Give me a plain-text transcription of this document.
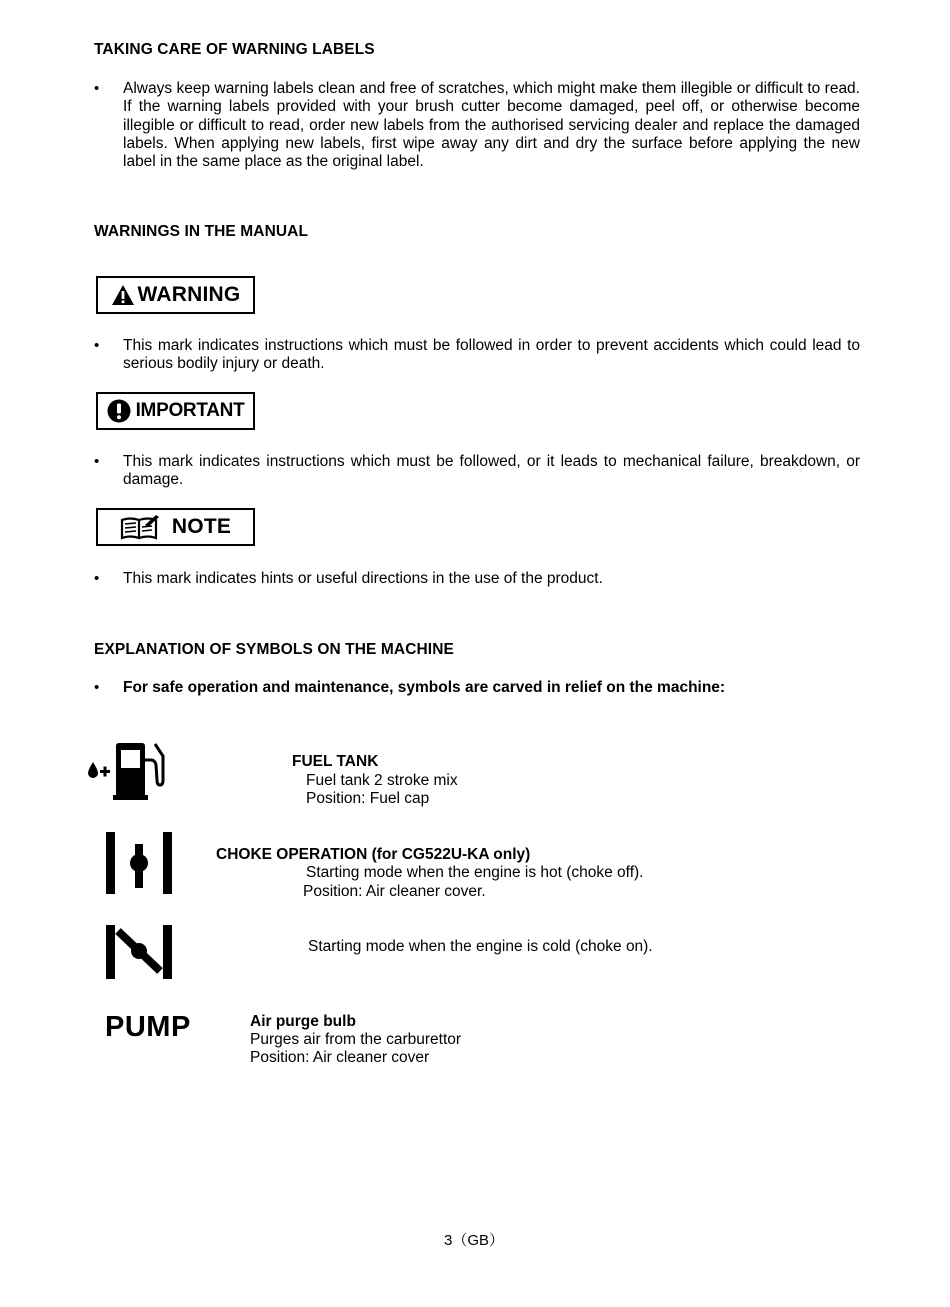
TAKING CARE OF WARNING LABELS
• Always keep warning labels clean and free of scratches, which might make them illegible or difficult to read. If the warning labels provided with your brush cutter become damaged, peel off, or otherwise become illegible or difficult to read, order new labels from the authorised servicing dealer and replace the damaged labels. When applying new labels, first wipe away any dirt and dry the surface before applying the new label in the same place as the original label.
WARNINGS IN THE MANUAL
WARNING
• This mark indicates instructions which must be followed in order to prevent accidents which could lead to serious bodily injury or death.
IMPORTANT
• This mark indicates instructions which must be followed, or it leads to mechanical failure, breakdown, or damage.
NOTE
• This mark indicates hints or useful directions in the use of the product.
EXPLANATION OF SYMBOLS ON THE MACHINE
• For safe operation and maintenance, symbols are carved in relief on the machine:
FUEL TANK
Fuel tank 2 stroke mix
Position: Fuel cap
CHOKE OPERATION (for CG522U-KA only)
Starting mode when the engine is hot (choke off).
Position: Air cleaner cover.
Starting mode when the engine is cold (choke on).
PUMP	Air purge bulb
Purges air from the carburettor
Position: Air cleaner cover
3（GB）
